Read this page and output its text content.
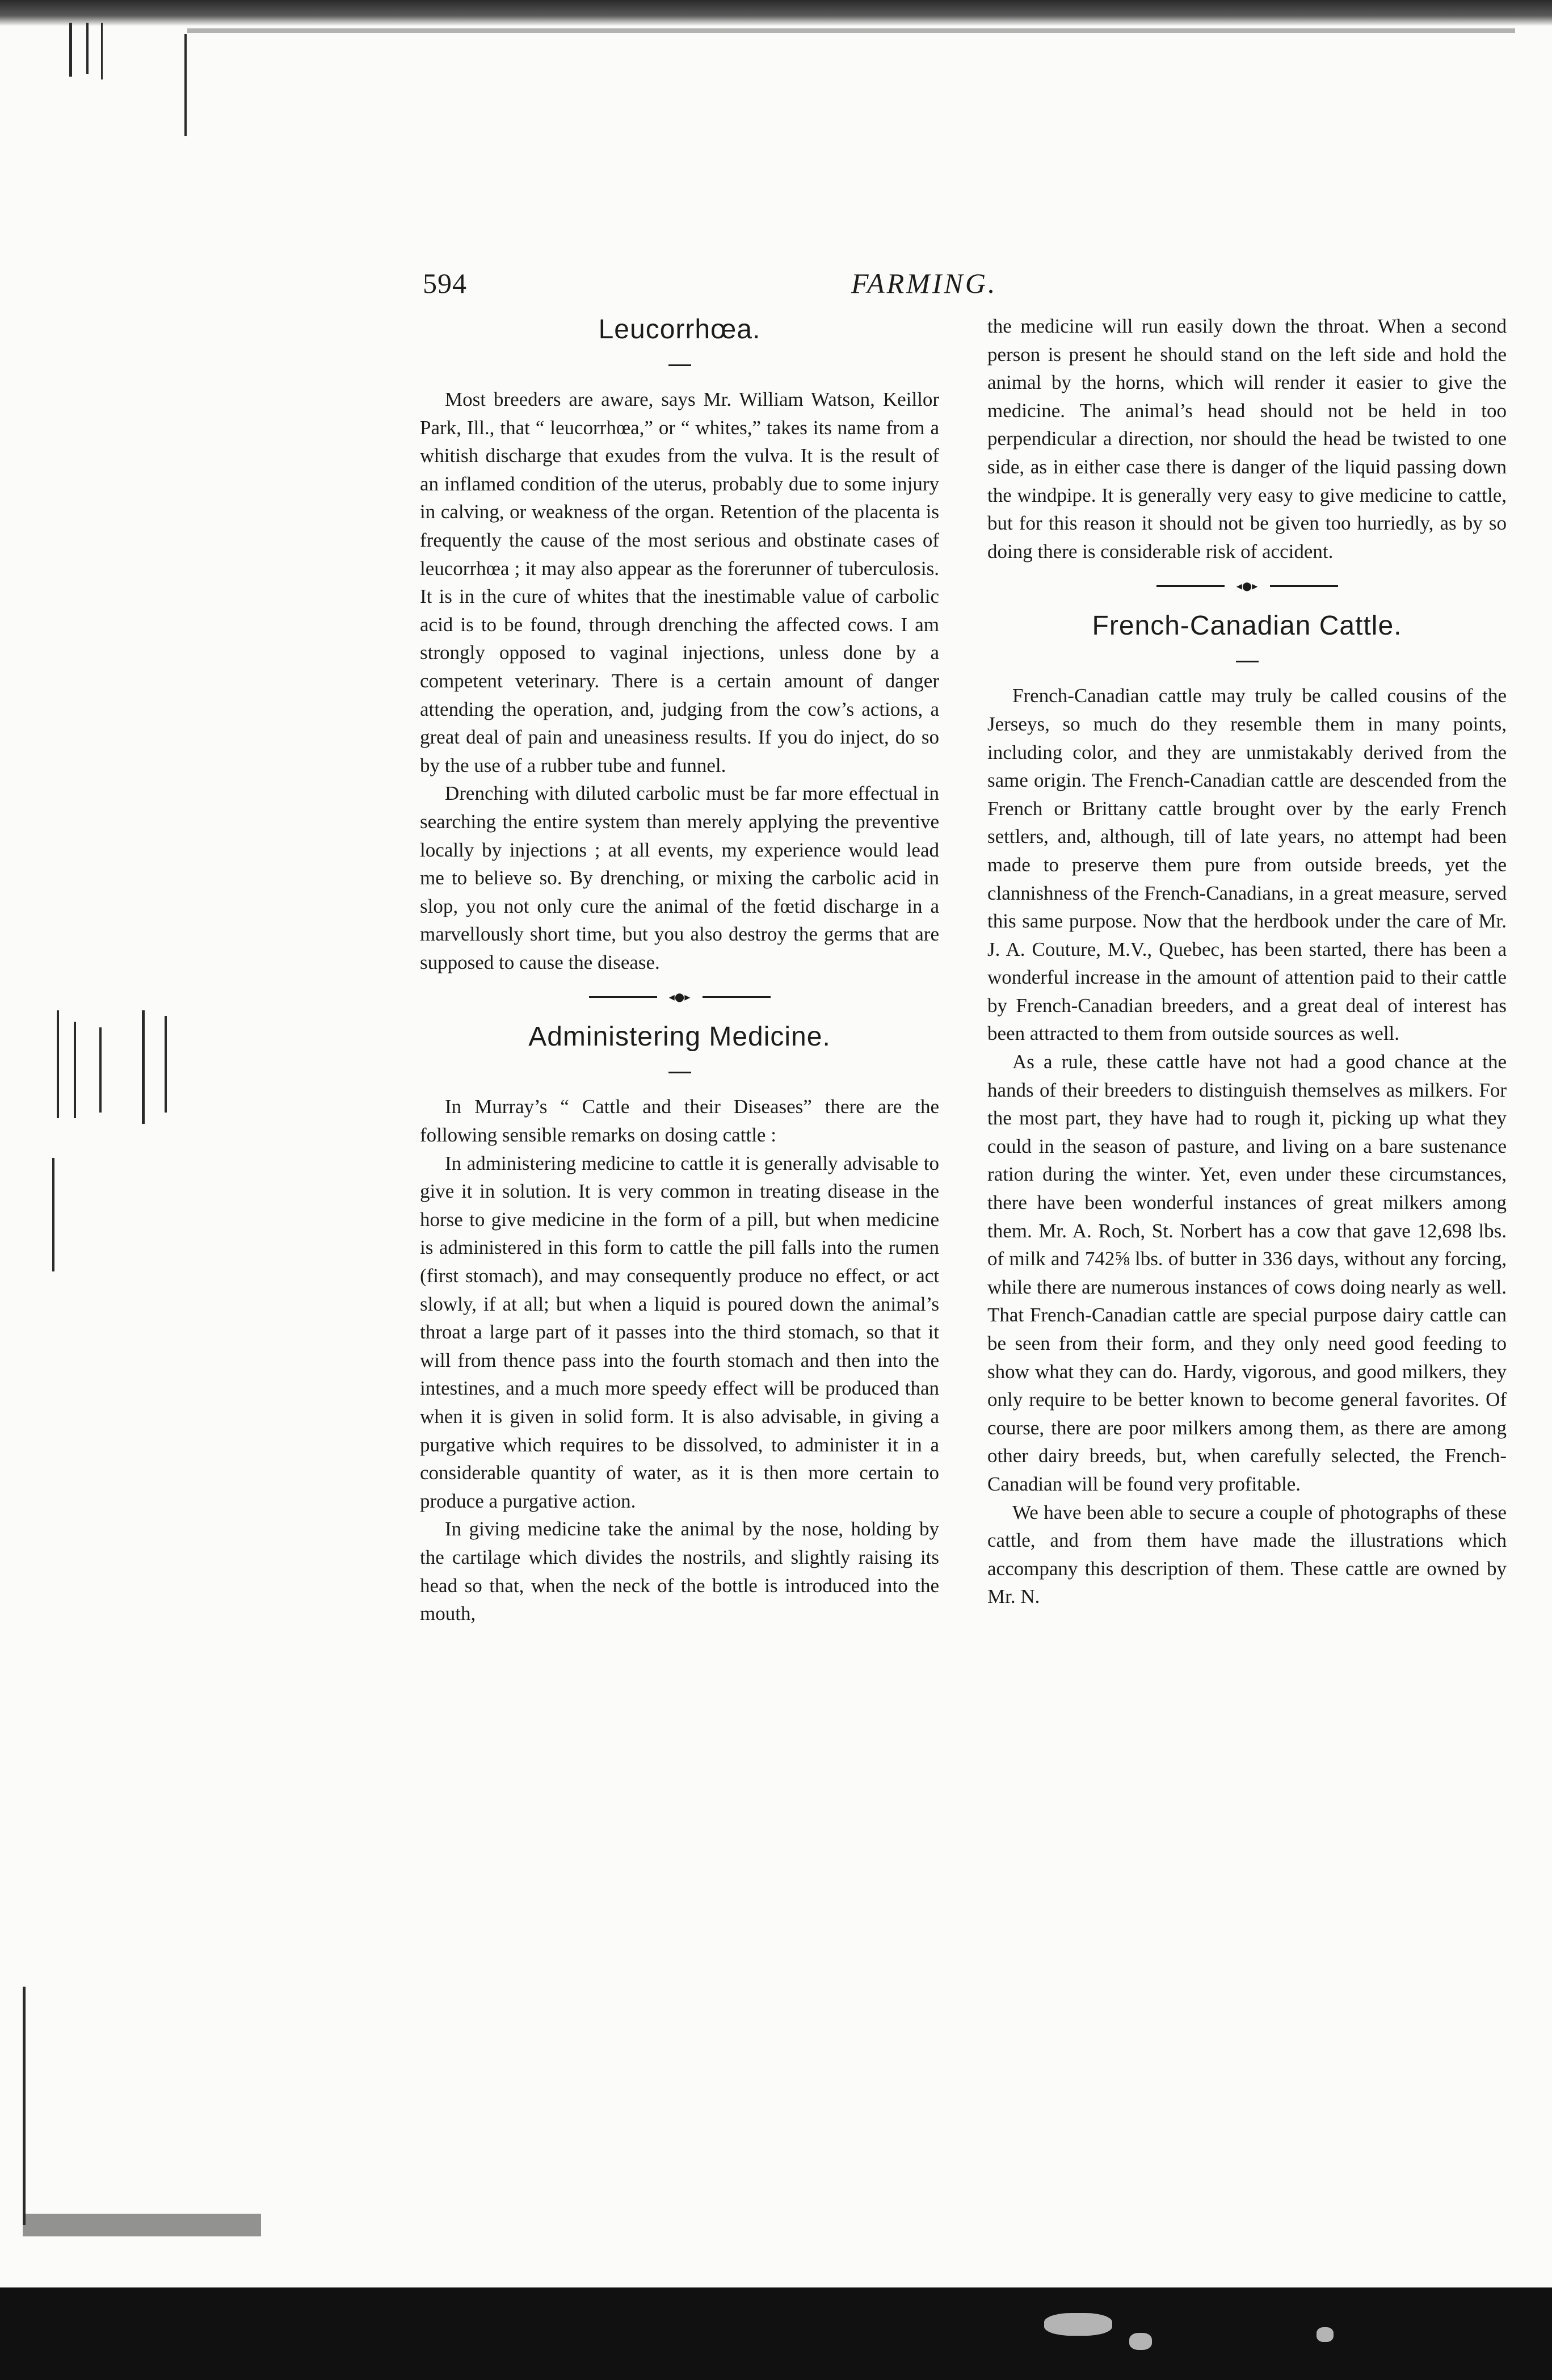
594	FARMING.
Leucorrhœa.

Most breeders are aware, says Mr. William Watson, Keillor Park, Ill., that “ leucorrhœa,” or “ whites,” takes its name from a whitish discharge that exudes from the vulva. It is the result of an inflamed condition of the uterus, probably due to some injury in calving, or weakness of the organ. Retention of the placenta is frequently the cause of the most serious and obstinate cases of leucorrhœa ; it may also appear as the forerunner of tuberculosis. It is in the cure of whites that the inestimable value of carbolic acid is to be found, through drenching the affected cows. I am strongly opposed to vaginal injections, unless done by a competent veterinary. There is a certain amount of danger attending the operation, and, judging from the cow’s actions, a great deal of pain and uneasiness results. If you do inject, do so by the use of a rubber tube and funnel.

Drenching with diluted carbolic must be far more effectual in searching the entire system than merely applying the preventive locally by injections ; at all events, my experience would lead me to believe so. By drenching, or mixing the carbolic acid in slop, you not only cure the animal of the fœtid discharge in a marvellously short time, but you also destroy the germs that are supposed to cause the disease.

◂●▸
Administering Medicine.

In Murray’s “ Cattle and their Diseases” there are the following sensible remarks on dosing cattle :

In administering medicine to cattle it is generally advisable to give it in solution. It is very common in treating disease in the horse to give medicine in the form of a pill, but when medicine is administered in this form to cattle the pill falls into the rumen (first stomach), and may consequently produce no effect, or act slowly, if at all; but when a liquid is poured down the animal’s throat a large part of it passes into the third stomach, so that it will from thence pass into the fourth stomach and then into the intestines, and a much more speedy effect will be produced than when it is given in solid form. It is also advisable, in giving a purgative which requires to be dissolved, to administer it in a considerable quantity of water, as it is then more certain to produce a purgative action.

In giving medicine take the animal by the nose, holding by the cartilage which divides the nostrils, and slightly raising its head so that, when the neck of the bottle is introduced into the mouth,

the medicine will run easily down the throat. When a second person is present he should stand on the left side and hold the animal by the horns, which will render it easier to give the medicine. The animal’s head should not be held in too perpendicular a direction, nor should the head be twisted to one side, as in either case there is danger of the liquid passing down the windpipe. It is generally very easy to give medicine to cattle, but for this reason it should not be given too hurriedly, as by so doing there is considerable risk of accident.

◂●▸
French-Canadian Cattle.

French-Canadian cattle may truly be called cousins of the Jerseys, so much do they resemble them in many points, including color, and they are unmistakably derived from the same origin. The French-Canadian cattle are descended from the French or Brittany cattle brought over by the early French settlers, and, although, till of late years, no attempt had been made to preserve them pure from outside breeds, yet the clannishness of the French-Canadians, in a great measure, served this same purpose. Now that the herdbook under the care of Mr. J. A. Couture, M.V., Quebec, has been started, there has been a wonderful increase in the amount of attention paid to their cattle by French-Canadian breeders, and a great deal of interest has been attracted to them from outside sources as well.

As a rule, these cattle have not had a good chance at the hands of their breeders to distinguish themselves as milkers. For the most part, they have had to rough it, picking up what they could in the season of pasture, and living on a bare sustenance ration during the winter. Yet, even under these circumstances, there have been wonderful instances of great milkers among them. Mr. A. Roch, St. Norbert has a cow that gave 12,698 lbs. of milk and 742⅝ lbs. of butter in 336 days, without any forcing, while there are numerous instances of cows doing nearly as well. That French-Canadian cattle are special purpose dairy cattle can be seen from their form, and they only need good feeding to show what they can do. Hardy, vigorous, and good milkers, they only require to be better known to become general favorites. Of course, there are poor milkers among them, as there are among other dairy breeds, but, when carefully selected, the French-Canadian will be found very profitable.

We have been able to secure a couple of photographs of these cattle, and from them have made the illustrations which accompany this description of them. These cattle are owned by Mr. N.
